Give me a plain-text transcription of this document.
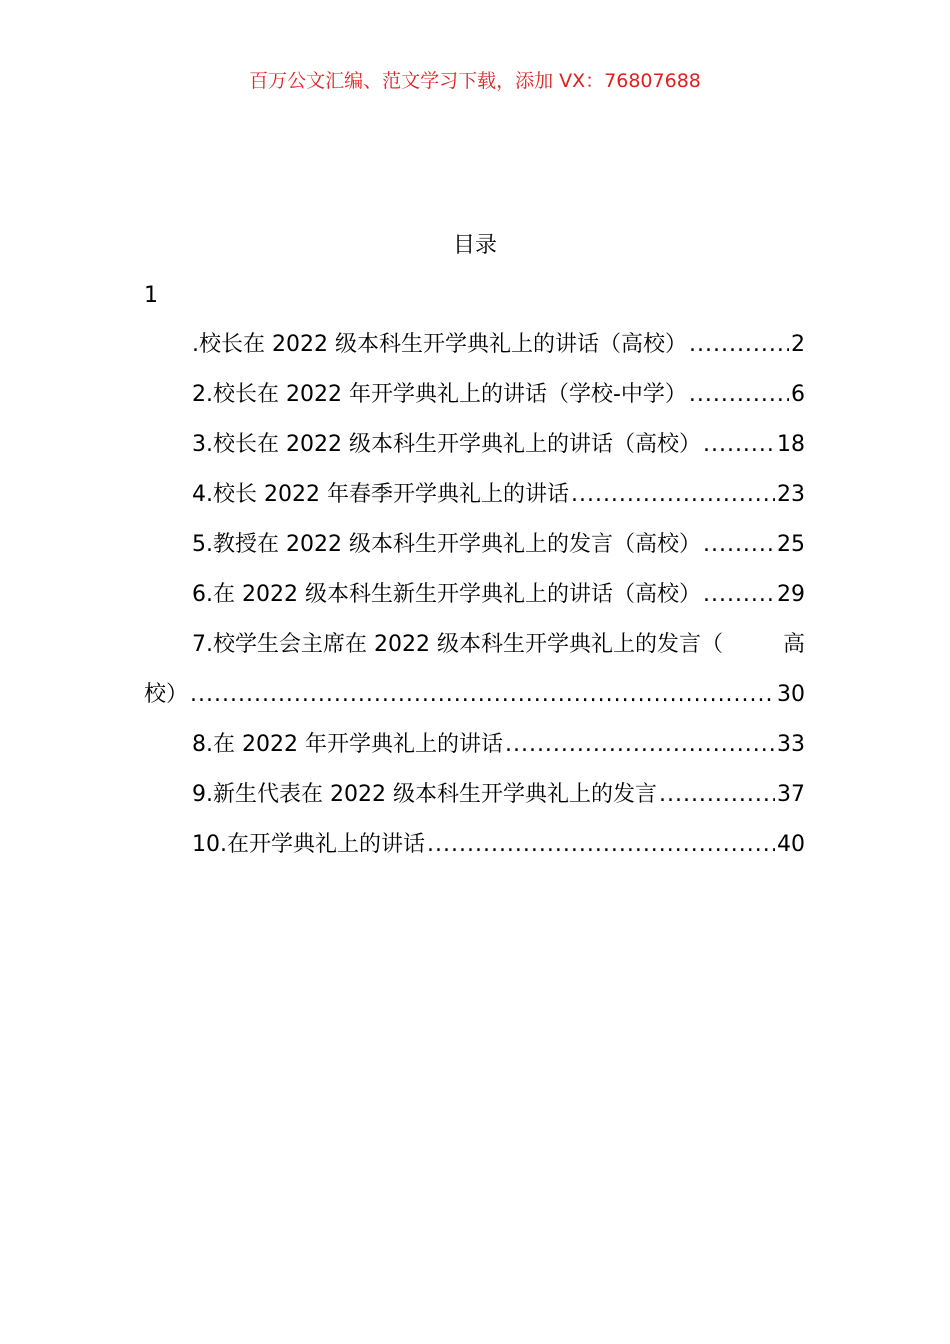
百万公文汇编、范文学习下载，添加 VX：76807688
目录
1
.校长在 2022 级本科生开学典礼上的讲话（高校） .....	2
2.校长在 2022 年开学典礼上的讲话（学校-中学） .....	6
3.校长在 2022 级本科生开学典礼上的讲话（高校） .....	18
4.校长 2022 年春季开学典礼上的讲话 .....	23
5.教授在 2022 级本科生开学典礼上的发言（高校） .....	25
6.在 2022 级本科生新生开学典礼上的讲话（高校） .....	29
7.校学生会主席在 2022 级本科生开学典礼上的发言（	高
校） .....	30
8.在 2022 年开学典礼上的讲话 .....	33
9.新生代表在 2022 级本科生开学典礼上的发言 .....	37
10.在开学典礼上的讲话 .....	40
